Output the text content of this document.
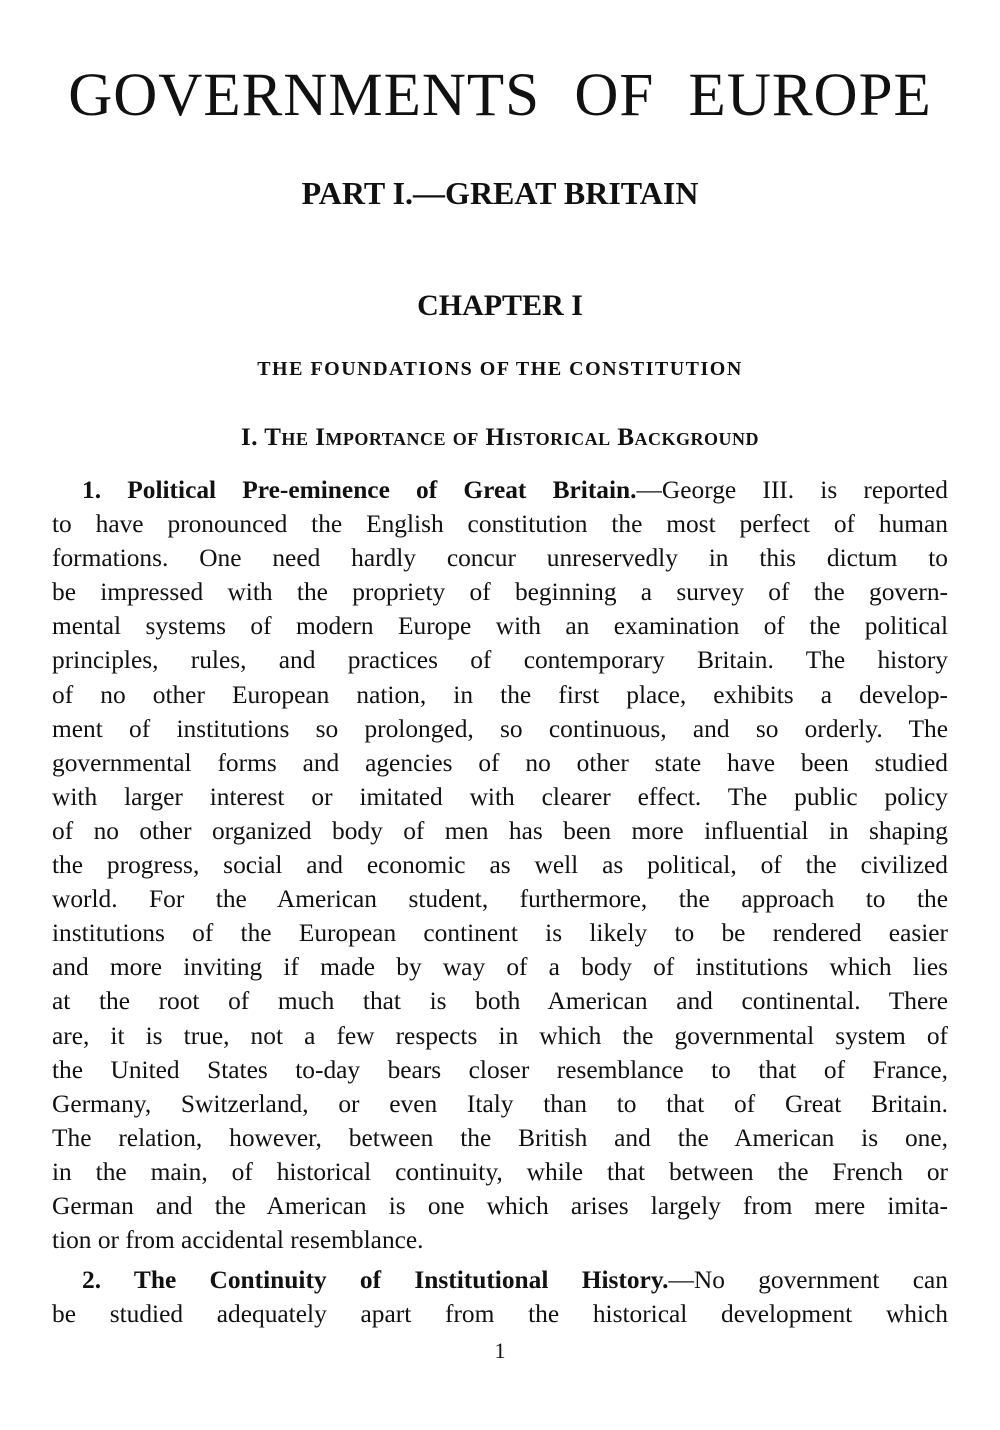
GOVERNMENTS OF EUROPE
PART I.—GREAT BRITAIN
CHAPTER I
THE FOUNDATIONS OF THE CONSTITUTION
I. The Importance of Historical Background
1. Political Pre-eminence of Great Britain.—George III. is reported
to have pronounced the English constitution the most perfect of human
formations. One need hardly concur unreservedly in this dictum to
be impressed with the propriety of beginning a survey of the govern-
mental systems of modern Europe with an examination of the political
principles, rules, and practices of contemporary Britain. The history
of no other European nation, in the first place, exhibits a develop-
ment of institutions so prolonged, so continuous, and so orderly. The
governmental forms and agencies of no other state have been studied
with larger interest or imitated with clearer effect. The public policy
of no other organized body of men has been more influential in shaping
the progress, social and economic as well as political, of the civilized
world. For the American student, furthermore, the approach to the
institutions of the European continent is likely to be rendered easier
and more inviting if made by way of a body of institutions which lies
at the root of much that is both American and continental. There
are, it is true, not a few respects in which the governmental system of
the United States to-day bears closer resemblance to that of France,
Germany, Switzerland, or even Italy than to that of Great Britain.
The relation, however, between the British and the American is one,
in the main, of historical continuity, while that between the French or
German and the American is one which arises largely from mere imita-
tion or from accidental resemblance.
2. The Continuity of Institutional History.—No government can
be studied adequately apart from the historical development which
1
